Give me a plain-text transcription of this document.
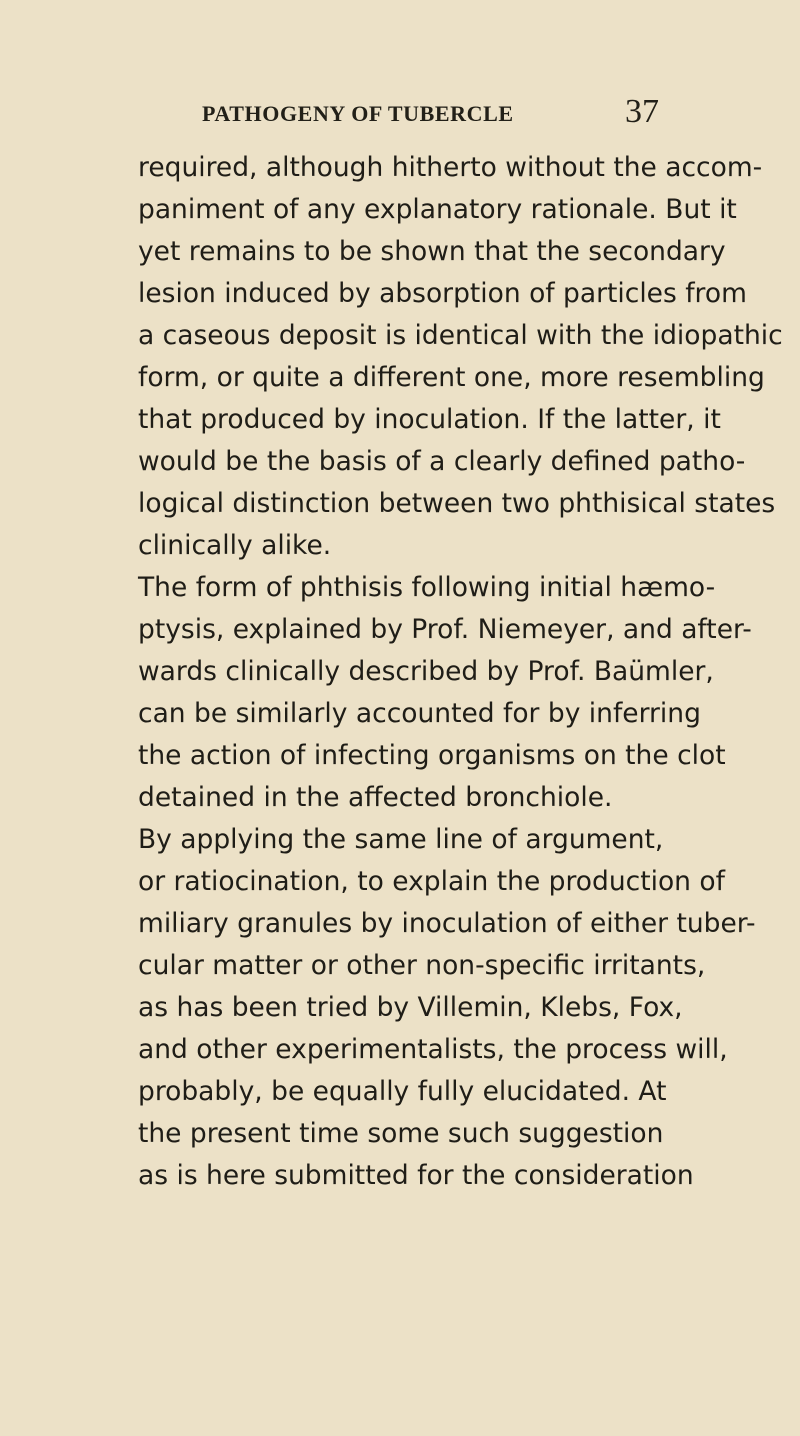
PATHOGENY OF TUBERCLE	37
required, although hitherto without the accom-
paniment of any explanatory rationale. But it
yet remains to be shown that the secondary
lesion induced by absorption of particles from
a caseous deposit is identical with the idiopathic
form, or quite a different one, more resembling
that produced by inoculation. If the latter, it
would be the basis of a clearly defined patho-
logical distinction between two phthisical states
clinically alike.
The form of phthisis following initial hæmo-
ptysis, explained by Prof. Niemeyer, and after-
wards clinically described by Prof. Baümler,
can be similarly accounted for by inferring
the action of infecting organisms on the clot
detained in the affected bronchiole.
By applying the same line of argument,
or ratiocination, to explain the production of
miliary granules by inoculation of either tuber-
cular matter or other non-specific irritants,
as has been tried by Villemin, Klebs, Fox,
and other experimentalists, the process will,
probably, be equally fully elucidated. At
the present time some such suggestion
as is here submitted for the consideration
